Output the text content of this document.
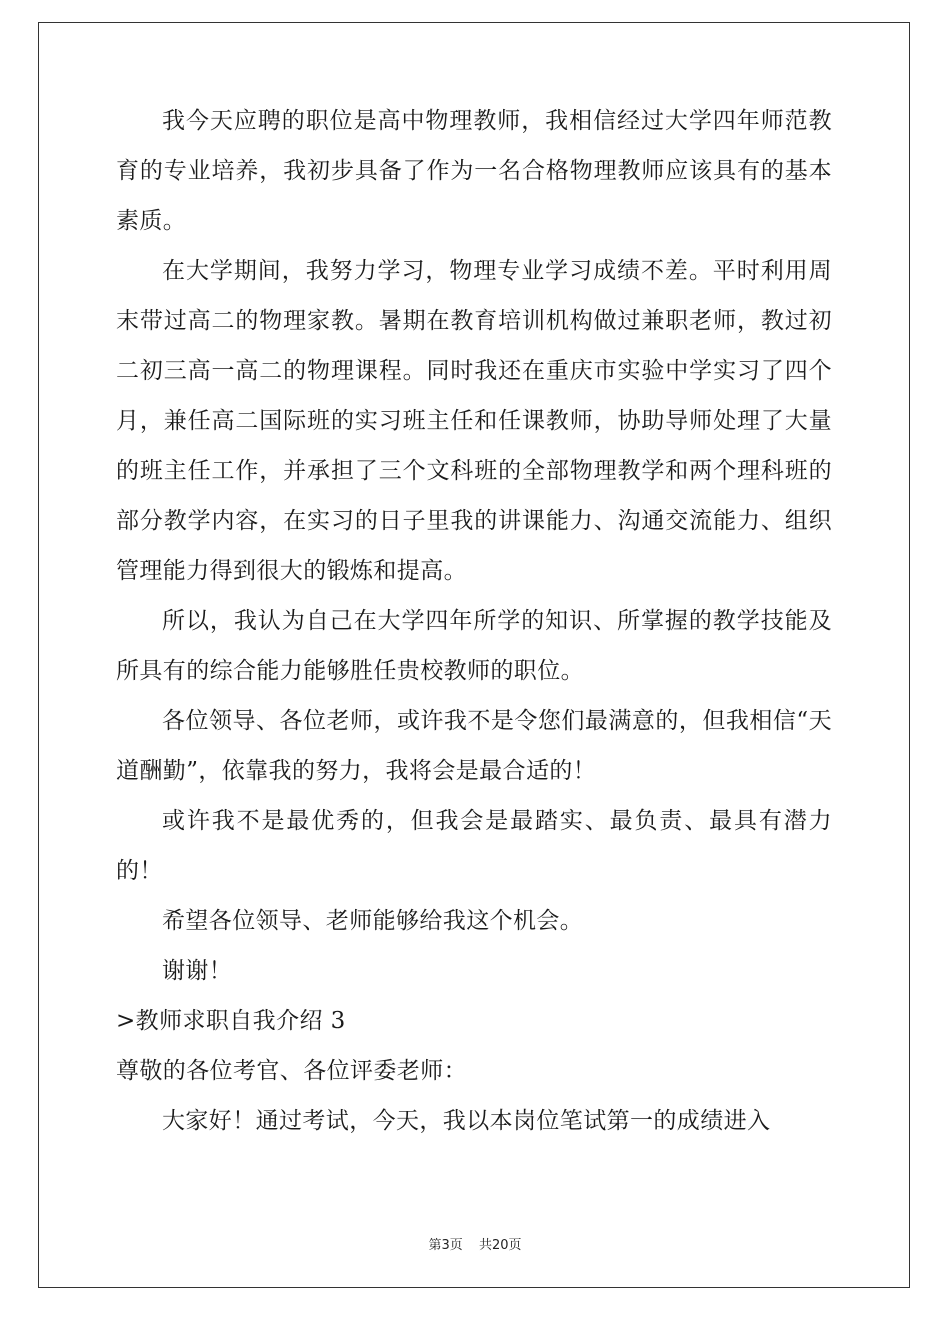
我今天应聘的职位是高中物理教师，我相信经过大学四年师范教育的专业培养，我初步具备了作为一名合格物理教师应该具有的基本素质。

在大学期间，我努力学习，物理专业学习成绩不差。平时利用周末带过高二的物理家教。暑期在教育培训机构做过兼职老师，教过初二初三高一高二的物理课程。同时我还在重庆市实验中学实习了四个月，兼任高二国际班的实习班主任和任课教师，协助导师处理了大量的班主任工作，并承担了三个文科班的全部物理教学和两个理科班的部分教学内容，在实习的日子里我的讲课能力、沟通交流能力、组织管理能力得到很大的锻炼和提高。

所以，我认为自己在大学四年所学的知识、所掌握的教学技能及所具有的综合能力能够胜任贵校教师的职位。

各位领导、各位老师，或许我不是令您们最满意的，但我相信“天道酬勤”，依靠我的努力，我将会是最合适的！

或许我不是最优秀的，但我会是最踏实、最负责、最具有潜力的！

希望各位领导、老师能够给我这个机会。

谢谢！

>教师求职自我介绍 3

尊敬的各位考官、各位评委老师：

大家好！通过考试，今天，我以本岗位笔试第一的成绩进入

第3页 共20页
